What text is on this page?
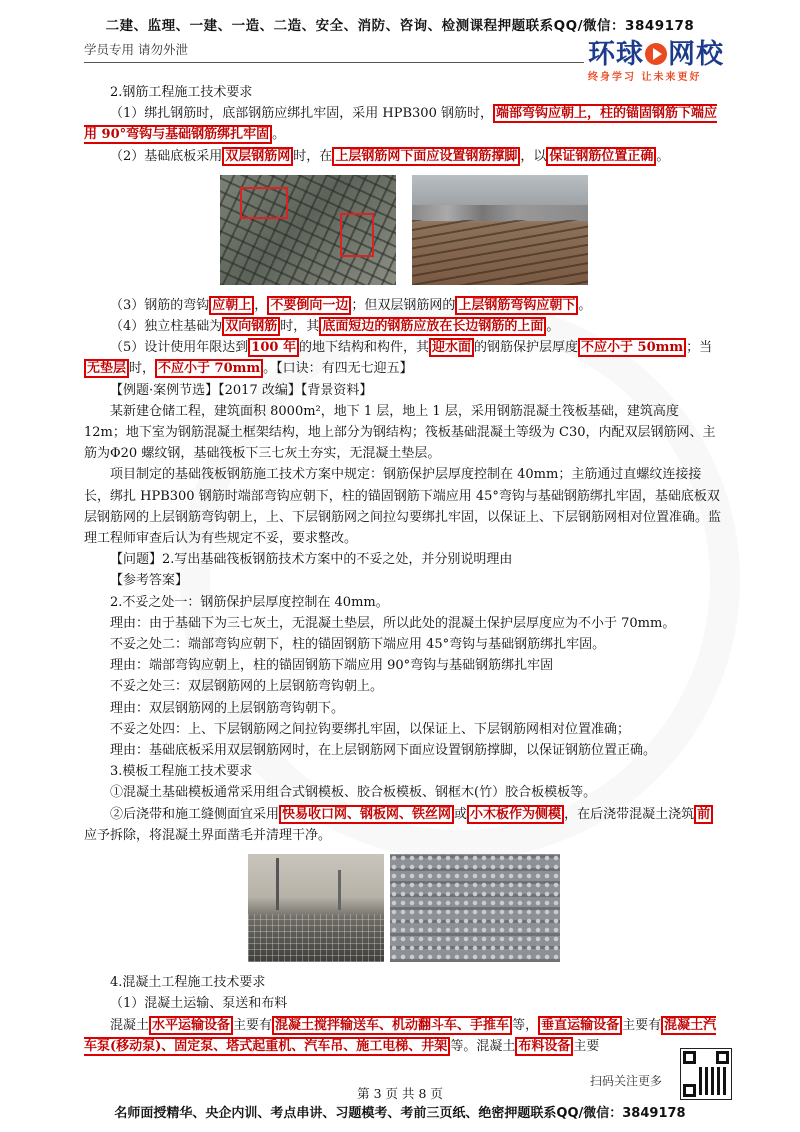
二建、监理、一建、一造、二造、安全、消防、咨询、检测课程押题联系QQ/微信：3849178
学员专用 请勿外泄	环球 网校
终身学习 让未来更好

2.钢筋工程施工技术要求

（1）绑扎钢筋时，底部钢筋应绑扎牢固，采用 HPB300 钢筋时， 端部弯钩应朝上，柱的锚固钢筋下端应用 90°弯钩与基础钢筋绑扎牢固 。

（2）基础底板采用 双层钢筋网 时，在 上层钢筋网下面应设置钢筋撑脚 ，以 保证钢筋位置正确 。

（3）钢筋的弯钩 应朝上 ， 不要倒向一边 ；但双层钢筋网的 上层钢筋弯钩应朝下 。

（4）独立柱基础为 双向钢筋 时，其 底面短边的钢筋应放在长边钢筋的上面 。

（5）设计使用年限达到 100 年 的地下结构和构件，其 迎水面 的钢筋保护层厚度 不应小于 50mm ；当无垫层 时， 不应小于 70mm 。【口诀：有四无七迎五】

【例题·案例节选】【2017 改编】【背景资料】

某新建仓储工程，建筑面积 8000m²，地下 1 层，地上 1 层，采用钢筋混凝土筏板基础，建筑高度 12m；地下室为钢筋混凝土框架结构，地上部分为钢结构；筏板基础混凝土等级为 C30，内配双层钢筋网、主筋为Φ20 螺纹钢，基础筏板下三七灰土夯实，无混凝土垫层。

项目制定的基础筏板钢筋施工技术方案中规定：钢筋保护层厚度控制在 40mm；主筋通过直螺纹连接接长，绑扎 HPB300 钢筋时端部弯钩应朝下，柱的锚固钢筋下端应用 45°弯钩与基础钢筋绑扎牢固，基础底板双层钢筋网的上层钢筋弯钩朝上，上、下层钢筋网之间拉勾要绑扎牢固，以保证上、下层钢筋网相对位置准确。监理工程师审查后认为有些规定不妥，要求整改。

【问题】2.写出基础筏板钢筋技术方案中的不妥之处，并分别说明理由

【参考答案】

2.不妥之处一：钢筋保护层厚度控制在 40mm。

理由：由于基础下为三七灰土，无混凝土垫层，所以此处的混凝土保护层厚度应为不小于 70mm。

不妥之处二：端部弯钩应朝下，柱的锚固钢筋下端应用 45°弯钩与基础钢筋绑扎牢固。

理由：端部弯钩应朝上，柱的锚固钢筋下端应用 90°弯钩与基础钢筋绑扎牢固

不妥之处三：双层钢筋网的上层钢筋弯钩朝上。

理由：双层钢筋网的上层钢筋弯钩朝下。

不妥之处四：上、下层钢筋网之间拉钩要绑扎牢固，以保证上、下层钢筋网相对位置准确；

理由：基础底板采用双层钢筋网时，在上层钢筋网下面应设置钢筋撑脚，以保证钢筋位置正确。

3.模板工程施工技术要求

①混凝土基础模板通常采用组合式钢模板、胶合板模板、钢框木(竹）胶合板模板等。

②后浇带和施工缝侧面宜采用 快易收口网、钢板网、铁丝网 或 小木板作为侧模 ，在后浇带混凝土浇筑 前应予拆除，将混凝土界面凿毛并清理干净。

4.混凝土工程施工技术要求

（1）混凝土运输、泵送和布料

混凝土 水平运输设备 主要有 混凝土搅拌输送车、机动翻斗车、手推车 等， 垂直运输设备 主要有 混凝土汽车泵(移动泵)、固定泵、塔式起重机、汽车吊、施工电梯、井架 等。混凝土 布料设备 主要

扫码关注更多
第 3 页 共 8 页
名师面授精华、央企内训、考点串讲、习题模考、考前三页纸、绝密押题联系QQ/微信：3849178
